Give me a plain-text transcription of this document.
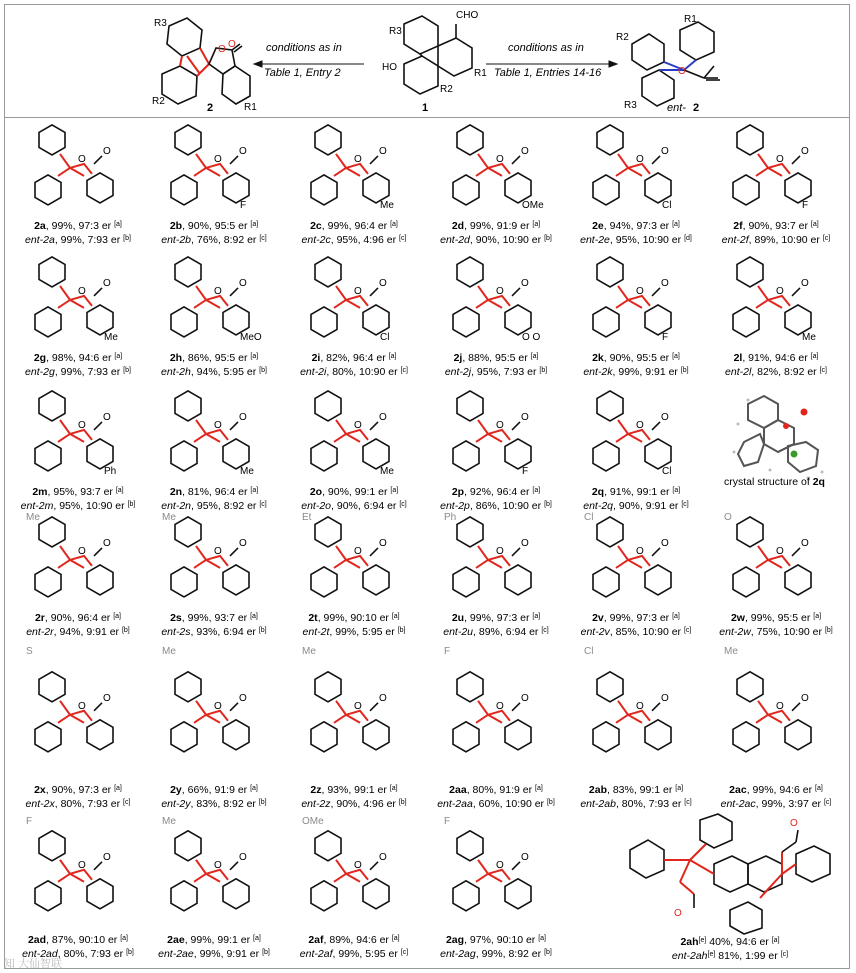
R3
R2
R1
O O	conditions as in
Table 1, Entry 2
conditions as in
Table 1, Entries 14-16
R3
CHO
HO
R2
R1
R1
R2
R3
O
2	1	ent- 2
O
O
2a, 99%, 97:3 er [a]
ent-2a, 99%, 7:93 er [b]
O
O
F
2b, 90%, 95:5 er [a]
ent-2b, 76%, 8:92 er [c]
O
O
Me
2c, 99%, 96:4 er [a]
ent-2c, 95%, 4:96 er [c]
O
O
OMe
2d, 99%, 91:9 er [a]
ent-2d, 90%, 10:90 er [b]
O
O
Cl
2e, 94%, 97:3 er [a]
ent-2e, 95%, 10:90 er [d]
O
O
F
2f, 90%, 93:7 er [a]
ent-2f, 89%, 10:90 er [c]
O
O
Me
2g, 98%, 94:6 er [a]
ent-2g, 99%, 7:93 er [b]
O
O
MeO
2h, 86%, 95:5 er [a]
ent-2h, 94%, 5:95 er [b]
O
O
Cl
2i, 82%, 96:4 er [a]
ent-2i, 80%, 10:90 er [c]
O
O
O O
2j, 88%, 95:5 er [a]
ent-2j, 95%, 7:93 er [b]
O
O
F
2k, 90%, 95:5 er [a]
ent-2k, 99%, 9:91 er [b]
O
O
Me
2l, 91%, 94:6 er [a]
ent-2l, 82%, 8:92 er [c]
O
O
Ph
2m, 95%, 93:7 er [a]
ent-2m, 95%, 10:90 er [b]
O
O
Me
2n, 81%, 96:4 er [a]
ent-2n, 95%, 8:92 er [c]
O
O
Me
2o, 90%, 99:1 er [a]
ent-2o, 90%, 6:94 er [c]
O
O
F
2p, 92%, 96:4 er [a]
ent-2p, 86%, 10:90 er [b]
O
O
Cl
2q, 91%, 99:1 er [a]
ent-2q, 90%, 9:91 er [c]
O
O
Me
2r, 90%, 96:4 er [a]
ent-2r, 94%, 9:91 er [b]
O
O
Me
2s, 99%, 93:7 er [a]
ent-2s, 93%, 6:94 er [b]
O
O
Et
2t, 99%, 90:10 er [a]
ent-2t, 99%, 5:95 er [b]
O
O
Ph
2u, 99%, 97:3 er [a]
ent-2u, 89%, 6:94 er [c]
O
O
Cl
2v, 99%, 97:3 er [a]
ent-2v, 85%, 10:90 er [c]
O
O
O
2w, 99%, 95:5 er [a]
ent-2w, 75%, 10:90 er [b]
O
O
S
2x, 90%, 97:3 er [a]
ent-2x, 80%, 7:93 er [c]
O
O
Me
2y, 66%, 91:9 er [a]
ent-2y, 83%, 8:92 er [b]
O
O
Me
2z, 93%, 99:1 er [a]
ent-2z, 90%, 4:96 er [b]
O
O
F
2aa, 80%, 91:9 er [a]
ent-2aa, 60%, 10:90 er [b]
O
O
Cl
2ab, 83%, 99:1 er [a]
ent-2ab, 80%, 7:93 er [c]
O
O
Me
2ac, 99%, 94:6 er [a]
ent-2ac, 99%, 3:97 er [c]
O
O
F
2ad, 87%, 90:10 er [a]
ent-2ad, 80%, 7:93 er [b]
O
O
Me
2ae, 99%, 99:1 er [a]
ent-2ae, 99%, 9:91 er [b]
O
O
OMe
2af, 89%, 94:6 er [a]
ent-2af, 99%, 5:95 er [c]
O
O
F
2ag, 97%, 90:10 er [a]
ent-2ag, 99%, 8:92 er [b]
crystal structure of 2q
O
O
2ah[e] 40%, 94:6 er [a]
ent-2ah[e] 81%, 1:99 er [c]
知 大仙智联
